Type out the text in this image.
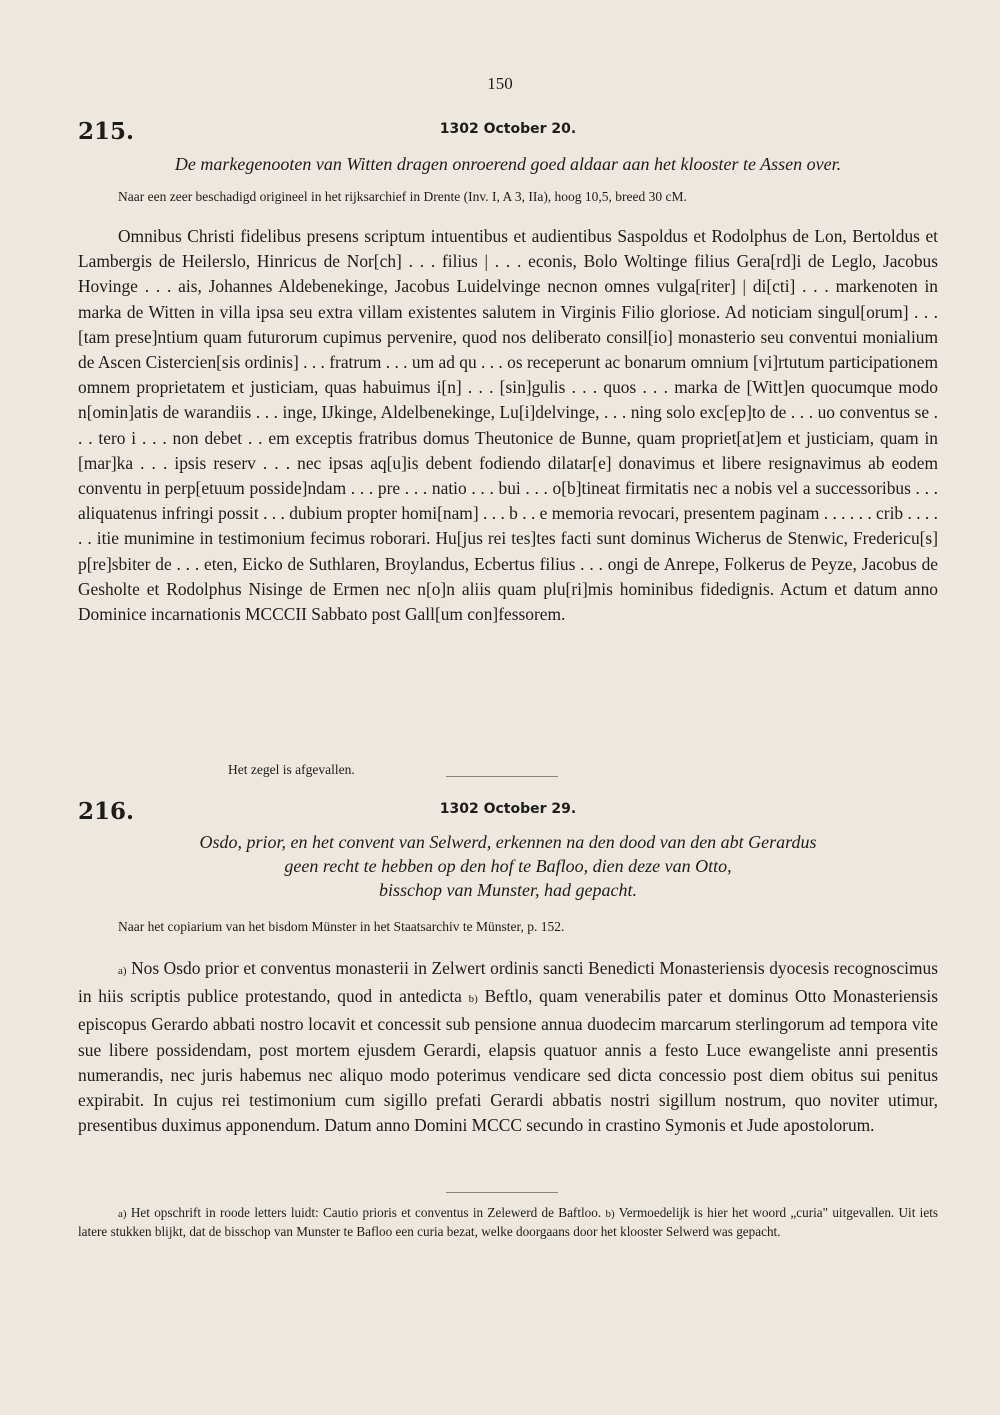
150
215.	1302 October 20.
De markegenooten van Witten dragen onroerend goed aldaar aan het klooster te Assen over.
Naar een zeer beschadigd origineel in het rijksarchief in Drente (Inv. I, A 3, IIa), hoog 10,5, breed 30 cM.

Omnibus Christi fidelibus presens scriptum intuentibus et audientibus Saspoldus et Rodolphus de Lon, Bertoldus et Lambergis de Heilerslo, Hinricus de Nor[ch] . . . filius | . . . econis, Bolo Woltinge filius Gera[rd]i de Leglo, Jacobus Hovinge . . . ais, Johannes Aldebenekinge, Jacobus Luidelvinge necnon omnes vulga[riter] | di[cti] . . . markenoten in marka de Witten in villa ipsa seu extra villam existentes salutem in Virginis Filio gloriose. Ad noticiam singul[orum] . . . [tam prese]ntium quam futurorum cupimus pervenire, quod nos deliberato consil[io] monasterio seu conventui monialium de Ascen Cistercien[sis ordinis] . . . fratrum . . . um ad qu . . . os receperunt ac bonarum omnium [vi]rtutum participationem omnem proprietatem et justiciam, quas habuimus i[n] . . . [sin]gulis . . . quos . . . marka de [Witt]en quocumque modo n[omin]atis de warandiis . . . inge, IJkinge, Aldelbenekinge, Lu[i]delvinge, . . . ning solo exc[ep]to de . . . uo conventus se . . . tero i . . . non debet . . em exceptis fratribus domus Theutonice de Bunne, quam propriet[at]em et justiciam, quam in [mar]ka . . . ipsis reserv . . . nec ipsas aq[u]is debent fodiendo dilatar[e] donavimus et libere resignavimus ab eodem conventu in perp[etuum posside]ndam . . . pre . . . natio . . . bui . . . o[b]tineat firmitatis nec a nobis vel a successoribus . . . aliquatenus infringi possit . . . dubium propter homi[nam] . . . b . . e memoria revocari, presentem paginam . . . . . . crib . . . . . . itie munimine in testimonium fecimus roborari. Hu[jus rei tes]tes facti sunt dominus Wicherus de Stenwic, Fredericu[s] p[re]sbiter de . . . eten, Eicko de Suthlaren, Broylandus, Ecbertus filius . . . ongi de Anrepe, Folkerus de Peyze, Jacobus de Gesholte et Rodolphus Nisinge de Ermen nec n[o]n aliis quam plu[ri]mis hominibus fidedignis. Actum et datum anno Dominice incarnationis MCCCII Sabbato post Gall[um con]fessorem.

Het zegel is afgevallen.
216.	1302 October 29.
Osdo, prior, en het convent van Selwerd, erkennen na den dood van den abt Gerardus
geen recht te hebben op den hof te Bafloo, dien deze van Otto,
bisschop van Munster, had gepacht.
Naar het copiarium van het bisdom Münster in het Staatsarchiv te Münster, p. 152.

a) Nos Osdo prior et conventus monasterii in Zelwert ordinis sancti Benedicti Monasteriensis dyocesis recognoscimus in hiis scriptis publice protestando, quod in antedicta b) Beftlo, quam venerabilis pater et dominus Otto Monasteriensis episcopus Gerardo abbati nostro locavit et concessit sub pensione annua duodecim marcarum sterlingorum ad tempora vite sue libere possidendam, post mortem ejusdem Gerardi, elapsis quatuor annis a festo Luce ewangeliste anni presentis numerandis, nec juris habemus nec aliquo modo poterimus vendicare sed dicta concessio post diem obitus sui penitus expirabit. In cujus rei testimonium cum sigillo prefati Gerardi abbatis nostri sigillum nostrum, quo noviter utimur, presentibus duximus apponendum. Datum anno Domini MCCC secundo in crastino Symonis et Jude apostolorum.

a) Het opschrift in roode letters luidt: Cautio prioris et conventus in Zelewerd de Baftloo. b) Vermoedelijk is hier het woord „curia" uitgevallen. Uit iets latere stukken blijkt, dat de bisschop van Munster te Bafloo een curia bezat, welke doorgaans door het klooster Selwerd was gepacht.
